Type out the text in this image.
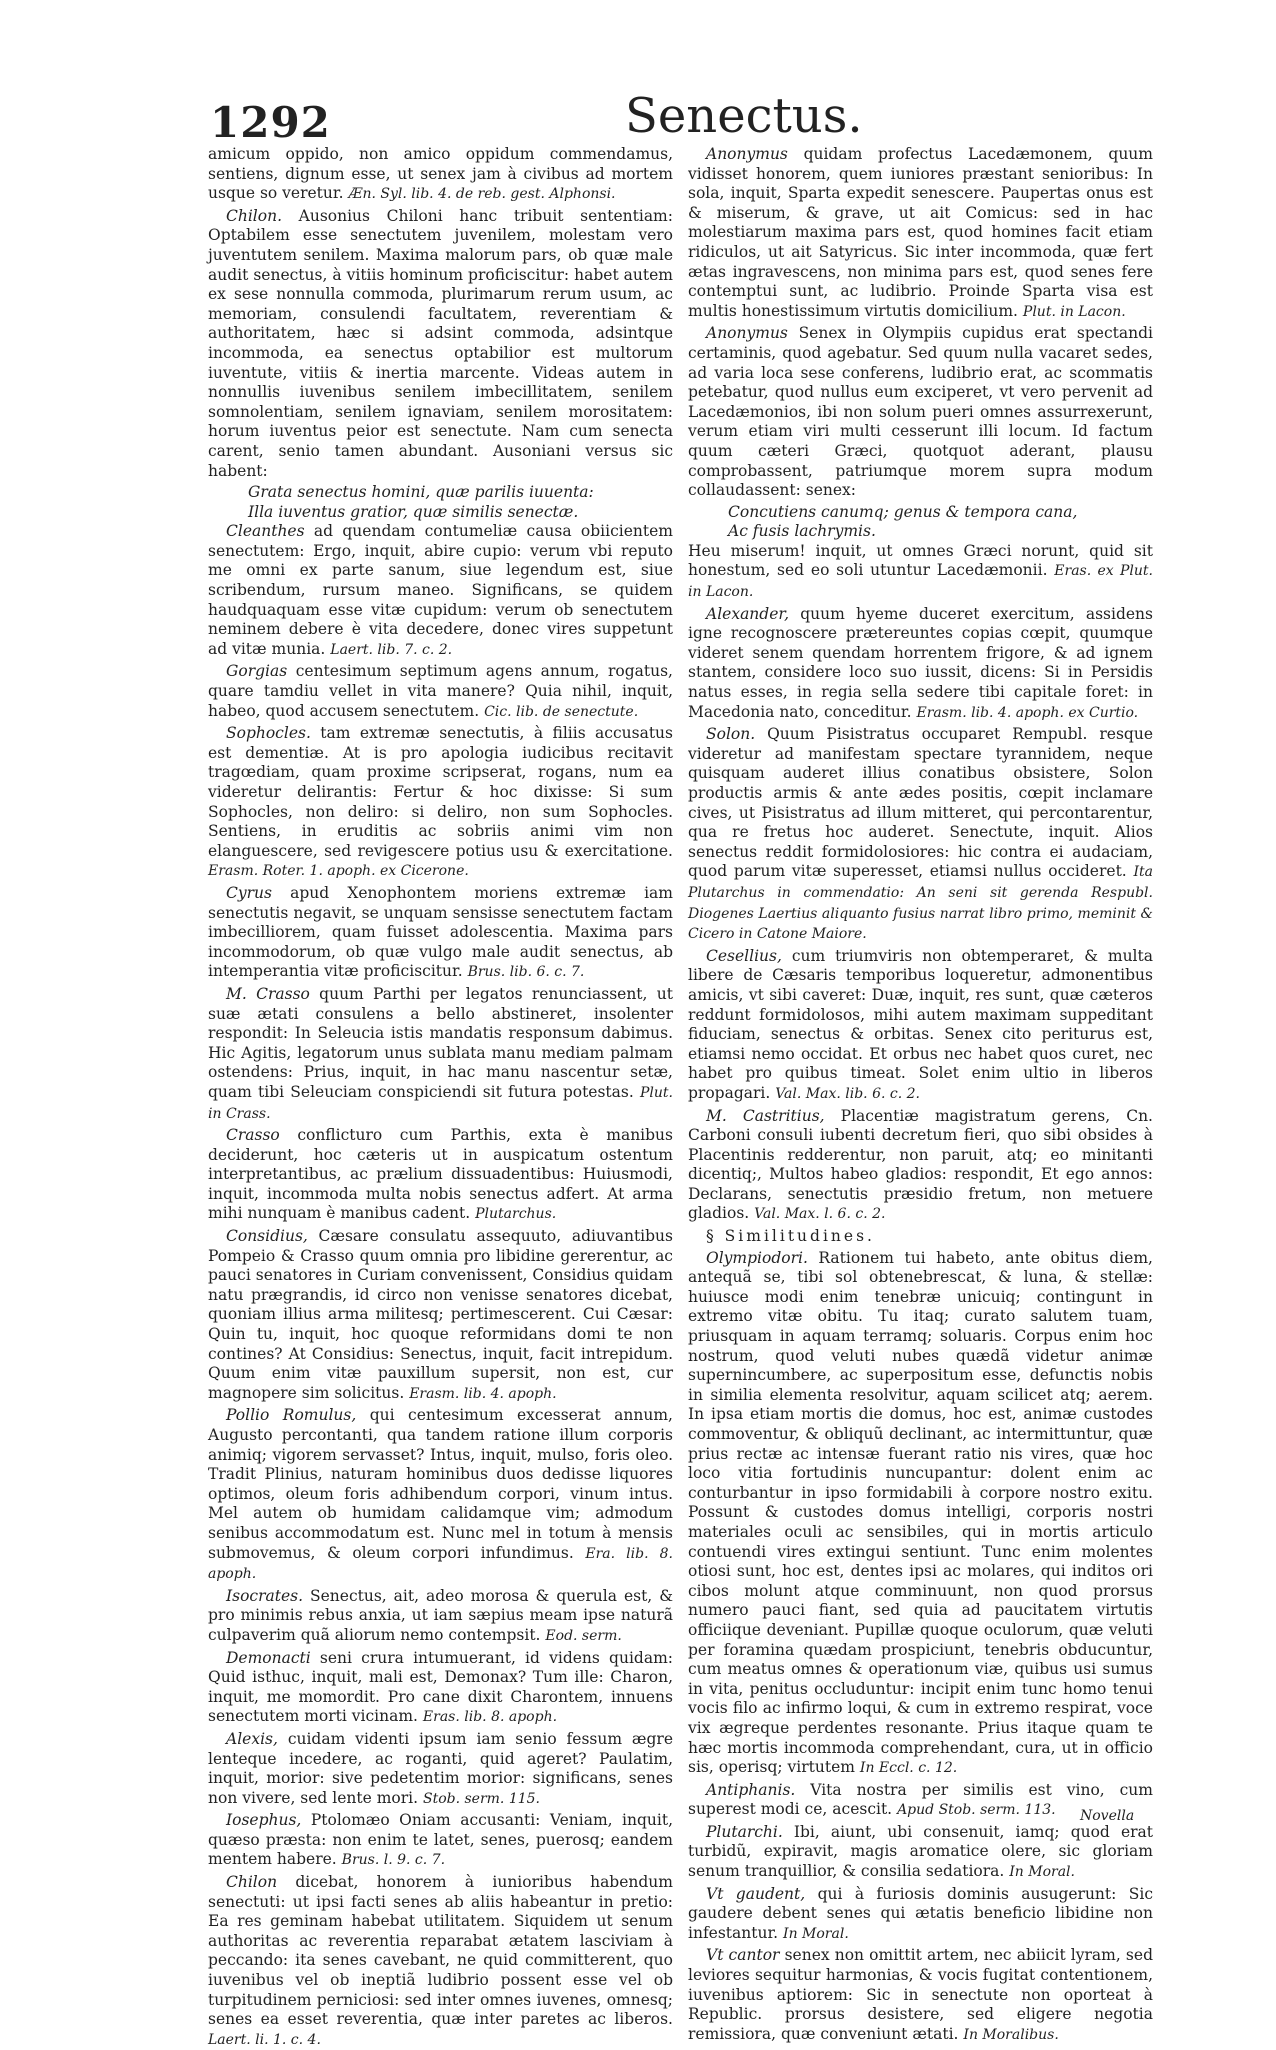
1292	Senectus.

amicum oppido, non amico oppidum commendamus, sentiens, dignum esse, ut senex jam à civibus ad mortem usque so veretur. Æn. Syl. lib. 4. de reb. gest. Alphonsi.

Chilon. Ausonius Chiloni hanc tribuit sententiam: Optabilem esse senectutem juvenilem, molestam vero juventutem senilem. Maxima malorum pars, ob quæ male audit senectus, à vitiis hominum proficiscitur: habet autem ex sese nonnulla commoda, plurimarum rerum usum, ac memoriam, consulendi facultatem, reverentiam & authoritatem, hæc si adsint commoda, adsintque incommoda, ea senectus optabilior est multorum iuventute, vitiis & inertia marcente. Videas autem in nonnullis iuvenibus senilem imbecillitatem, senilem somnolentiam, senilem ignaviam, senilem morositatem: horum iuventus peior est senectute. Nam cum senecta carent, senio tamen abundant. Ausoniani versus sic habent:

Grata senectus homini, quæ parilis iuuenta:

Illa iuventus gratior, quæ similis senectæ.

Cleanthes ad quendam contumeliæ causa obiicientem senectutem: Ergo, inquit, abire cupio: verum vbi reputo me omni ex parte sanum, siue legendum est, siue scribendum, rursum maneo. Significans, se quidem haudquaquam esse vitæ cupidum: verum ob senectutem neminem debere è vita decedere, donec vires suppetunt ad vitæ munia. Laert. lib. 7. c. 2.

Gorgias centesimum septimum agens annum, rogatus, quare tamdiu vellet in vita manere? Quia nihil, inquit, habeo, quod accusem senectutem. Cic. lib. de senectute.

Sophocles. tam extremæ senectutis, à filiis accusatus est dementiæ. At is pro apologia iudicibus recitavit tragœdiam, quam proxime scripserat, rogans, num ea videretur delirantis: Fertur & hoc dixisse: Si sum Sophocles, non deliro: si deliro, non sum Sophocles. Sentiens, in eruditis ac sobriis animi vim non elanguescere, sed revigescere potius usu & exercitatione. Erasm. Roter. 1. apoph. ex Cicerone.

Cyrus apud Xenophontem moriens extremæ iam senectutis negavit, se unquam sensisse senectutem factam imbecilliorem, quam fuisset adolescentia. Maxima pars incommodorum, ob quæ vulgo male audit senectus, ab intemperantia vitæ proficiscitur. Brus. lib. 6. c. 7.

M. Crasso quum Parthi per legatos renunciassent, ut suæ ætati consulens a bello abstineret, insolenter respondit: In Seleucia istis mandatis responsum dabimus. Hic Agitis, legatorum unus sublata manu mediam palmam ostendens: Prius, inquit, in hac manu nascentur setæ, quam tibi Seleuciam conspiciendi sit futura potestas. Plut. in Crass.

Crasso conflicturo cum Parthis, exta è manibus deciderunt, hoc cæteris ut in auspicatum ostentum interpretantibus, ac prælium dissuadentibus: Huiusmodi, inquit, incommoda multa nobis senectus adfert. At arma mihi nunquam è manibus cadent. Plutarchus.

Considius, Cæsare consulatu assequuto, adiuvantibus Pompeio & Crasso quum omnia pro libidine gererentur, ac pauci senatores in Curiam convenissent, Considius quidam natu prægrandis, id circo non venisse senatores dicebat, quoniam illius arma militesq; pertimescerent. Cui Cæsar: Quin tu, inquit, hoc quoque reformidans domi te non contines? At Considius: Senectus, inquit, facit intrepidum. Quum enim vitæ pauxillum supersit, non est, cur magnopere sim solicitus. Erasm. lib. 4. apoph.

Pollio Romulus, qui centesimum excesserat annum, Augusto percontanti, qua tandem ratione illum corporis animiq; vigorem servasset? Intus, inquit, mulso, foris oleo. Tradit Plinius, naturam hominibus duos dedisse liquores optimos, oleum foris adhibendum corpori, vinum intus. Mel autem ob humidam calidamque vim; admodum senibus accommodatum est. Nunc mel in totum à mensis submovemus, & oleum corpori infundimus. Era. lib. 8. apoph.

Isocrates. Senectus, ait, adeo morosa & querula est, & pro minimis rebus anxia, ut iam sæpius meam ipse naturã culpaverim quã aliorum nemo contempsit. Eod. serm.

Demonacti seni crura intumuerant, id videns quidam: Quid isthuc, inquit, mali est, Demonax? Tum ille: Charon, inquit, me momordit. Pro cane dixit Charontem, innuens senectutem morti vicinam. Eras. lib. 8. apoph.

Alexis, cuidam videnti ipsum iam senio fessum ægre lenteque incedere, ac roganti, quid ageret? Paulatim, inquit, morior: sive pedetentim morior: significans, senes non vivere, sed lente mori. Stob. serm. 115.

Iosephus, Ptolomæo Oniam accusanti: Veniam, inquit, quæso præsta: non enim te latet, senes, puerosq; eandem mentem habere. Brus. l. 9. c. 7.

Chilon dicebat, honorem à iunioribus habendum senectuti: ut ipsi facti senes ab aliis habeantur in pretio: Ea res geminam habebat utilitatem. Siquidem ut senum authoritas ac reverentia reparabat ætatem lasciviam à peccando: ita senes cavebant, ne quid committerent, quo iuvenibus vel ob ineptiã ludibrio possent esse vel ob turpitudinem perniciosi: sed inter omnes iuvenes, omnesq; senes ea esset reverentia, quæ inter paretes ac liberos. Laert. li. 1. c. 4.

Anonymus quidam profectus Lacedæmonem, quum vidisset honorem, quem iuniores præstant senioribus: In sola, inquit, Sparta expedit senescere. Paupertas onus est & miserum, & grave, ut ait Comicus: sed in hac molestiarum maxima pars est, quod homines facit etiam ridiculos, ut ait Satyricus. Sic inter incommoda, quæ fert ætas ingravescens, non minima pars est, quod senes fere contemptui sunt, ac ludibrio. Proinde Sparta visa est multis honestissimum virtutis domicilium. Plut. in Lacon.

Anonymus Senex in Olympiis cupidus erat spectandi certaminis, quod agebatur. Sed quum nulla vacaret sedes, ad varia loca sese conferens, ludibrio erat, ac scommatis petebatur, quod nullus eum exciperet, vt vero pervenit ad Lacedæmonios, ibi non solum pueri omnes assurrexerunt, verum etiam viri multi cesserunt illi locum. Id factum quum cæteri Græci, quotquot aderant, plausu comprobassent, patriumque morem supra modum collaudassent: senex:

Concutiens canumq; genus & tempora cana,

Ac fusis lachrymis.

Heu miserum! inquit, ut omnes Græci norunt, quid sit honestum, sed eo soli utuntur Lacedæmonii. Eras. ex Plut. in Lacon.

Alexander, quum hyeme duceret exercitum, assidens igne recognoscere prætereuntes copias cœpit, quumque videret senem quendam horrentem frigore, & ad ignem stantem, considere loco suo iussit, dicens: Si in Persidis natus esses, in regia sella sedere tibi capitale foret: in Macedonia nato, conceditur. Erasm. lib. 4. apoph. ex Curtio.

Solon. Quum Pisistratus occuparet Rempubl. resque videretur ad manifestam spectare tyrannidem, neque quisquam auderet illius conatibus obsistere, Solon productis armis & ante ædes positis, cœpit inclamare cives, ut Pisistratus ad illum mitteret, qui percontarentur, qua re fretus hoc auderet. Senectute, inquit. Alios senectus reddit formidolosiores: hic contra ei audaciam, quod parum vitæ superesset, etiamsi nullus occideret. Ita Plutarchus in commendatio: An seni sit gerenda Respubl. Diogenes Laertius aliquanto fusius narrat libro primo, meminit & Cicero in Catone Maiore.

Cesellius, cum triumviris non obtemperaret, & multa libere de Cæsaris temporibus loqueretur, admonentibus amicis, vt sibi caveret: Duæ, inquit, res sunt, quæ cæteros reddunt formidolosos, mihi autem maximam suppeditant fiduciam, senectus & orbitas. Senex cito periturus est, etiamsi nemo occidat. Et orbus nec habet quos curet, nec habet pro quibus timeat. Solet enim ultio in liberos propagari. Val. Max. lib. 6. c. 2.

M. Castritius, Placentiæ magistratum gerens, Cn. Carboni consuli iubenti decretum fieri, quo sibi obsides à Placentinis redderentur, non paruit, atq; eo minitanti dicentiq;, Multos habeo gladios: respondit, Et ego annos: Declarans, senectutis præsidio fretum, non metuere gladios. Val. Max. l. 6. c. 2.

§ Similitudines.

Olympiodori. Rationem tui habeto, ante obitus diem, antequã se, tibi sol obtenebrescat, & luna, & stellæ: huiusce modi enim tenebræ unicuiq; contingunt in extremo vitæ obitu. Tu itaq; curato salutem tuam, priusquam in aquam terramq; soluaris. Corpus enim hoc nostrum, quod veluti nubes quædã videtur animæ supernincumbere, ac superpositum esse, defunctis nobis in similia elementa resolvitur, aquam scilicet atq; aerem. In ipsa etiam mortis die domus, hoc est, animæ custodes commoventur, & obliquũ declinant, ac intermittuntur, quæ prius rectæ ac intensæ fuerant ratio nis vires, quæ hoc loco vitia fortudinis nuncupantur: dolent enim ac conturbantur in ipso formidabili à corpore nostro exitu. Possunt & custodes domus intelligi, corporis nostri materiales oculi ac sensibiles, qui in mortis articulo contuendi vires extingui sentiunt. Tunc enim molentes otiosi sunt, hoc est, dentes ipsi ac molares, qui inditos ori cibos molunt atque comminuunt, non quod prorsus numero pauci fiant, sed quia ad paucitatem virtutis officiique deveniant. Pupillæ quoque oculorum, quæ veluti per foramina quædam prospiciunt, tenebris obducuntur, cum meatus omnes & operationum viæ, quibus usi sumus in vita, penitus occluduntur: incipit enim tunc homo tenui vocis filo ac infirmo loqui, & cum in extremo respirat, voce vix ægreque perdentes resonante. Prius itaque quam te hæc mortis incommoda comprehendant, cura, ut in officio sis, operisq; virtutem In Eccl. c. 12.

Antiphanis. Vita nostra per similis est vino, cum superest modi ce, acescit. Apud Stob. serm. 113.

Plutarchi. Ibi, aiunt, ubi consenuit, iamq; quod erat turbidũ, expiravit, magis aromatice olere, sic gloriam senum tranquillior, & consilia sedatiora. In Moral.

Vt gaudent, qui à furiosis dominis ausugerunt: Sic gaudere debent senes qui ætatis beneficio libidine non infestantur. In Moral.

Vt cantor senex non omittit artem, nec abiicit lyram, sed leviores sequitur harmonias, & vocis fugitat contentionem, iuvenibus aptiorem: Sic in senectute non oporteat à Republic. prorsus desistere, sed eligere negotia remissiora, quæ conveniunt ætati. In Moralibus.

Novella
